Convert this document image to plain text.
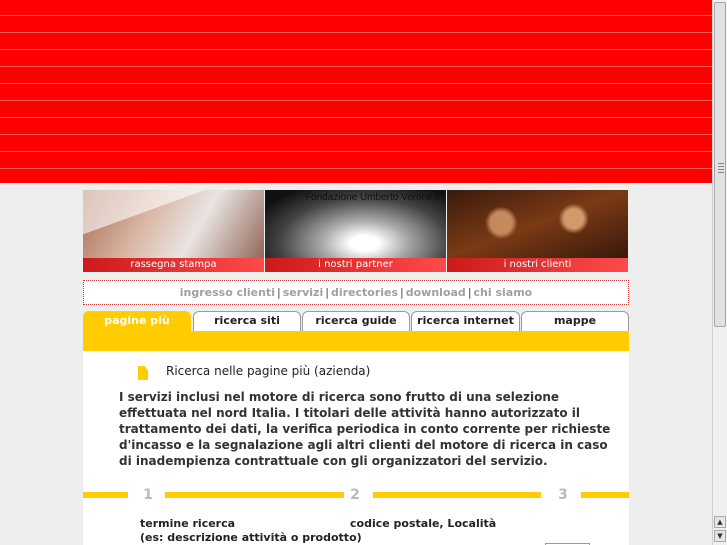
▲
▼
rassegna stampa
Fondazione Umberto Veronesi
i nostri partner	i nostri clienti
ingresso clienti | servizi | directories | download | chi siamo
pagine più	ricerca siti	ricerca guide	ricerca internet	mappe
Ricerca nelle pagine più (azienda)
I servizi inclusi nel motore di ricerca sono frutto di una selezione effettuata nel nord Italia. I titolari delle attività hanno autorizzato il trattamento dei dati, la verifica periodica in conto corrente per richieste d'incasso e la segnalazione agli altri clienti del motore di ricerca in caso di inadempienza contrattuale con gli organizzatori del servizio.
1	2	3
termine ricerca
(es: descrizione attività o prodotto)
codice postale, Località
